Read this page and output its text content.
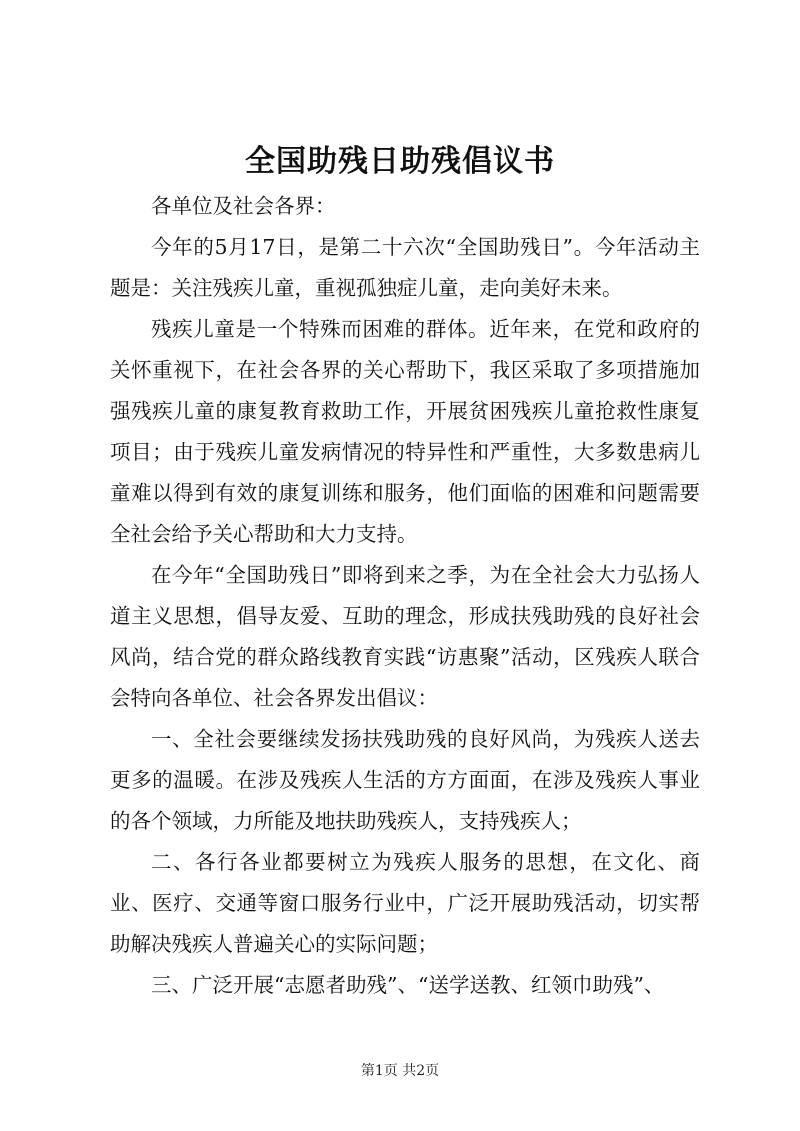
全国助残日助残倡议书

各单位及社会各界：

今年的5月17日，是第二十六次“全国助残日”。今年活动主题是：关注残疾儿童，重视孤独症儿童，走向美好未来。

残疾儿童是一个特殊而困难的群体。近年来，在党和政府的关怀重视下，在社会各界的关心帮助下，我区采取了多项措施加强残疾儿童的康复教育救助工作，开展贫困残疾儿童抢救性康复项目；由于残疾儿童发病情况的特异性和严重性，大多数患病儿童难以得到有效的康复训练和服务，他们面临的困难和问题需要全社会给予关心帮助和大力支持。

在今年“全国助残日”即将到来之季，为在全社会大力弘扬人道主义思想，倡导友爱、互助的理念，形成扶残助残的良好社会风尚，结合党的群众路线教育实践“访惠聚”活动，区残疾人联合会特向各单位、社会各界发出倡议：

一、全社会要继续发扬扶残助残的良好风尚，为残疾人送去更多的温暖。在涉及残疾人生活的方方面面，在涉及残疾人事业的各个领域，力所能及地扶助残疾人，支持残疾人；

二、各行各业都要树立为残疾人服务的思想，在文化、商业、医疗、交通等窗口服务行业中，广泛开展助残活动，切实帮助解决残疾人普遍关心的实际问题；

三、广泛开展“志愿者助残”、“送学送教、红领巾助残”、

第1页 共2页
